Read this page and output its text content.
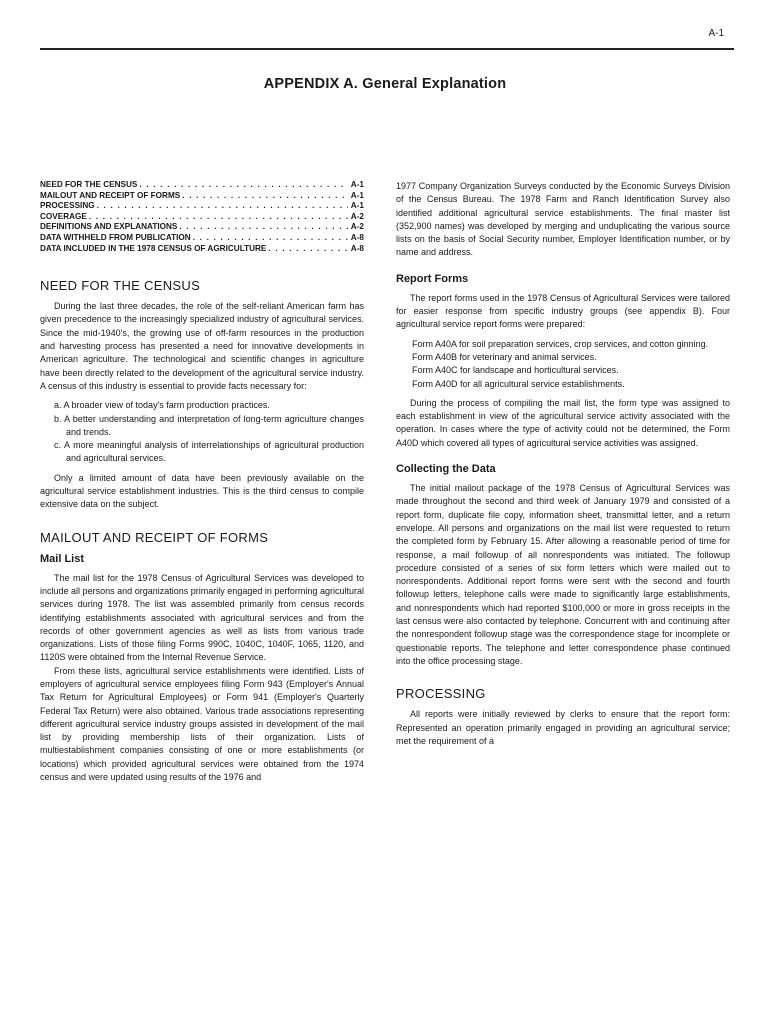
A-1
APPENDIX A. General Explanation
NEED FOR THE CENSUS . . .	A-1
MAILOUT AND RECEIPT OF FORMS . . .	A-1
PROCESSING . . .	A-1
COVERAGE . . .	A-2
DEFINITIONS AND EXPLANATIONS . . .	A-2
DATA WITHHELD FROM PUBLICATION . . .	A-8
DATA INCLUDED IN THE 1978 CENSUS OF AGRICULTURE . . .	A-8
NEED FOR THE CENSUS

During the last three decades, the role of the self-reliant American farm has given precedence to the increasingly specialized industry of agricultural services. Since the mid-1940's, the growing use of off-farm resources in the production and harvesting process has presented a need for innovative developments in American agriculture. The technological and scientific changes in agriculture have been directly related to the development of the agricultural service industry. A census of this industry is essential to provide facts necessary for:

a. A broader view of today's farm production practices.
b. A better understanding and interpretation of long-term agriculture changes and trends.
c. A more meaningful analysis of interrelationships of agricultural production and agricultural services.

Only a limited amount of data have been previously available on the agricultural service establishment industries. This is the third census to compile extensive data on the subject.

MAILOUT AND RECEIPT OF FORMS
Mail List

The mail list for the 1978 Census of Agricultural Services was developed to include all persons and organizations primarily engaged in performing agricultural services during 1978. The list was assembled primarily from census records identifying establishments associated with agricultural services and from the records of other government agencies as well as lists from various trade organizations. Lists of those filing Forms 990C, 1040C, 1040F, 1065, 1120, and 1120S were obtained from the Internal Revenue Service.

From these lists, agricultural service establishments were identified. Lists of employers of agricultural service employees filing Form 943 (Employer's Annual Tax Return for Agricultural Employees) or Form 941 (Employer's Quarterly Federal Tax Return) were also obtained. Various trade associations representing different agricultural service industry groups assisted in development of the mail list by providing membership lists of their organization. Lists of multiestablishment companies consisting of one or more establishments (or locations) which provided agricultural services were obtained from the 1974 census and were updated using results of the 1976 and

1977 Company Organization Surveys conducted by the Economic Surveys Division of the Census Bureau. The 1978 Farm and Ranch Identification Survey also identified additional agricultural service establishments. The final master list (352,900 names) was developed by merging and unduplicating the various source lists on the basis of Social Security number, Employer Identification number, or by name and address.

Report Forms

The report forms used in the 1978 Census of Agricultural Services were tailored for easier response from specific industry groups (see appendix B). Four agricultural service report forms were prepared:

Form A40A for soil preparation services, crop services, and cotton ginning.
Form A40B for veterinary and animal services.
Form A40C for landscape and horticultural services.
Form A40D for all agricultural service establishments.

During the process of compiling the mail list, the form type was assigned to each establishment in view of the agricultural service activity associated with the operation. In cases where the type of activity could not be determined, the Form A40D which covered all types of agricultural service activities was assigned.

Collecting the Data

The initial mailout package of the 1978 Census of Agricultural Services was made throughout the second and third week of January 1979 and consisted of a report form, duplicate file copy, information sheet, transmittal letter, and a return envelope. All persons and organizations on the mail list were requested to return the completed form by February 15. After allowing a reasonable period of time for response, a mail followup of all nonrespondents was initiated. The followup procedure consisted of a series of six form letters which were mailed out to nonrespondents. Additional report forms were sent with the second and fourth followup letters, telephone calls were made to significantly large establishments, and nonrespondents which had reported $100,000 or more in gross receipts in the last census were also contacted by telephone. Concurrent with and continuing after the nonrespondent followup stage was the correspondence stage for incomplete or questionable reports. The telephone and letter correspondence phase continued into the office processing stage.

PROCESSING

All reports were initially reviewed by clerks to ensure that the report form: Represented an operation primarily engaged in providing an agricultural service; met the requirement of a
